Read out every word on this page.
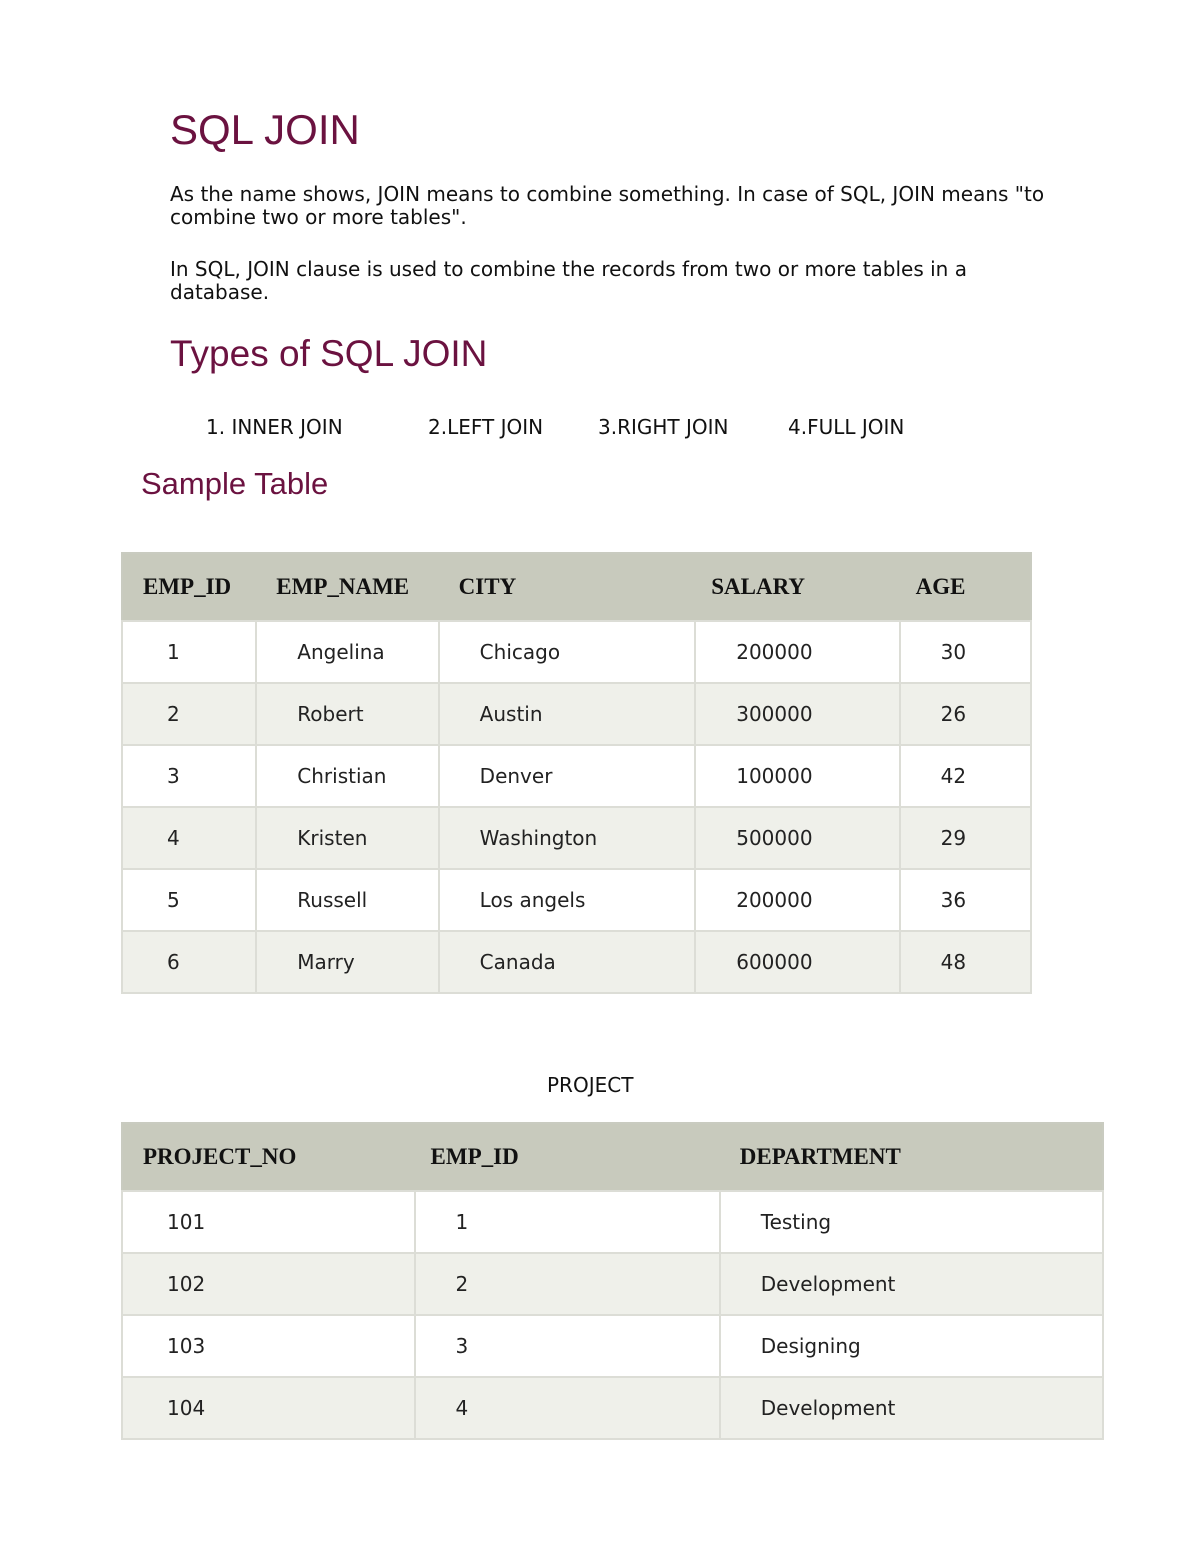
SQL JOIN

As the name shows, JOIN means to combine something. In case of SQL, JOIN means "to combine two or more tables".

In SQL, JOIN clause is used to combine the records from two or more tables in a database.

Types of SQL JOIN
1. INNER JOIN	2.LEFT JOIN	3.RIGHT JOIN	4.FULL JOIN
Sample Table
EMP_ID	EMP_NAME	CITY	SALARY	AGE
1	Angelina	Chicago	200000	30
2	Robert	Austin	300000	26
3	Christian	Denver	100000	42
4	Kristen	Washington	500000	29
5	Russell	Los angels	200000	36
6	Marry	Canada	600000	48
PROJECT
PROJECT_NO	EMP_ID	DEPARTMENT
101	1	Testing
102	2	Development
103	3	Designing
104	4	Development
